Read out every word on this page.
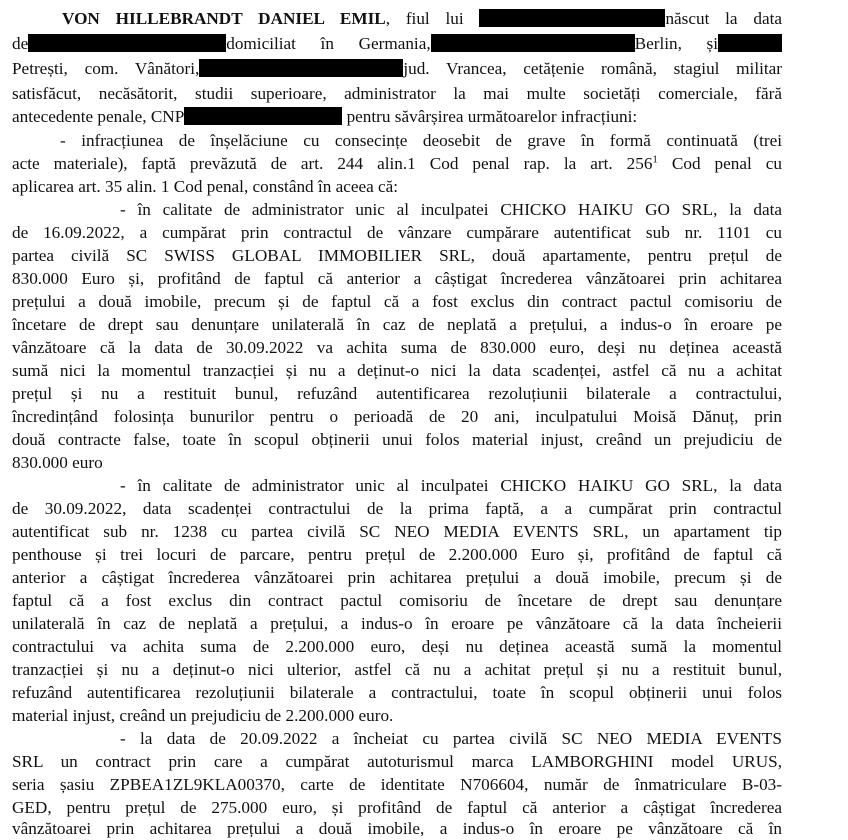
VON HILLEBRANDT DANIEL EMIL, fiul lui	născut la data
de	domiciliat în Germania,	Berlin, și
Petrești, com. Vânători,	jud. Vrancea, cetățenie română, stagiul militar
satisfăcut, necăsătorit, studii superioare, administrator la mai multe societăți comerciale, fără
antecedente penale, CNP	pentru săvârșirea următoarelor infracțiuni:
- infracțiunea de înșelăciune cu consecințe deosebit de grave în formă continuată (trei
acte materiale), faptă prevăzută de art. 244 alin.1 Cod penal rap. la art. $256^1$ Cod penal cu
aplicarea art. 35 alin. 1 Cod penal, constând în aceea că:
- în calitate de administrator unic al inculpatei CHICKO HAIKU GO SRL, la data
de 16.09.2022, a cumpărat prin contractul de vânzare cumpărare autentificat sub nr. 1101 cu
partea civilă SC SWISS GLOBAL IMMOBILIER SRL, două apartamente, pentru prețul de
830.000 Euro și, profitând de faptul că anterior a câștigat încrederea vânzătoarei prin achitarea
prețului a două imobile, precum și de faptul că a fost exclus din contract pactul comisoriu de
încetare de drept sau denunțare unilaterală în caz de neplată a prețului, a indus-o în eroare pe
vânzătoare că la data de 30.09.2022 va achita suma de 830.000 euro, deși nu deținea această
sumă nici la momentul tranzacției și nu a deținut-o nici la data scadenței, astfel că nu a achitat
prețul și nu a restituit bunul, refuzând autentificarea rezoluțiunii bilaterale a contractului,
încredințând folosința bunurilor pentru o perioadă de 20 ani, inculpatului Moisă Dănuț, prin
două contracte false, toate în scopul obținerii unui folos material injust, creând un prejudiciu de
830.000 euro
- în calitate de administrator unic al inculpatei CHICKO HAIKU GO SRL, la data
de 30.09.2022, data scadenței contractului de la prima faptă, a a cumpărat prin contractul
autentificat sub nr. 1238 cu partea civilă SC NEO MEDIA EVENTS SRL, un apartament tip
penthouse și trei locuri de parcare, pentru prețul de 2.200.000 Euro și, profitând de faptul că
anterior a câștigat încrederea vânzătoarei prin achitarea prețului a două imobile, precum și de
faptul că a fost exclus din contract pactul comisoriu de încetare de drept sau denunțare
unilaterală în caz de neplată a prețului, a indus-o în eroare pe vânzătoare că la data încheierii
contractului va achita suma de 2.200.000 euro, deși nu deținea această sumă la momentul
tranzacției și nu a deținut-o nici ulterior, astfel că nu a achitat prețul și nu a restituit bunul,
refuzând autentificarea rezoluțiunii bilaterale a contractului, toate în scopul obținerii unui folos
material injust, creând un prejudiciu de 2.200.000 euro.
- la data de 20.09.2022 a încheiat cu partea civilă SC NEO MEDIA EVENTS
SRL un contract prin care a cumpărat autoturismul marca LAMBORGHINI model URUS,
seria șasiu ZPBEA1ZL9KLA00370, carte de identitate N706604, număr de înmatriculare B-03-
GED, pentru prețul de 275.000 euro, și profitând de faptul că anterior a câștigat încrederea
vânzătoarei prin achitarea prețului a două imobile, a indus-o în eroare pe vânzătoare că în
